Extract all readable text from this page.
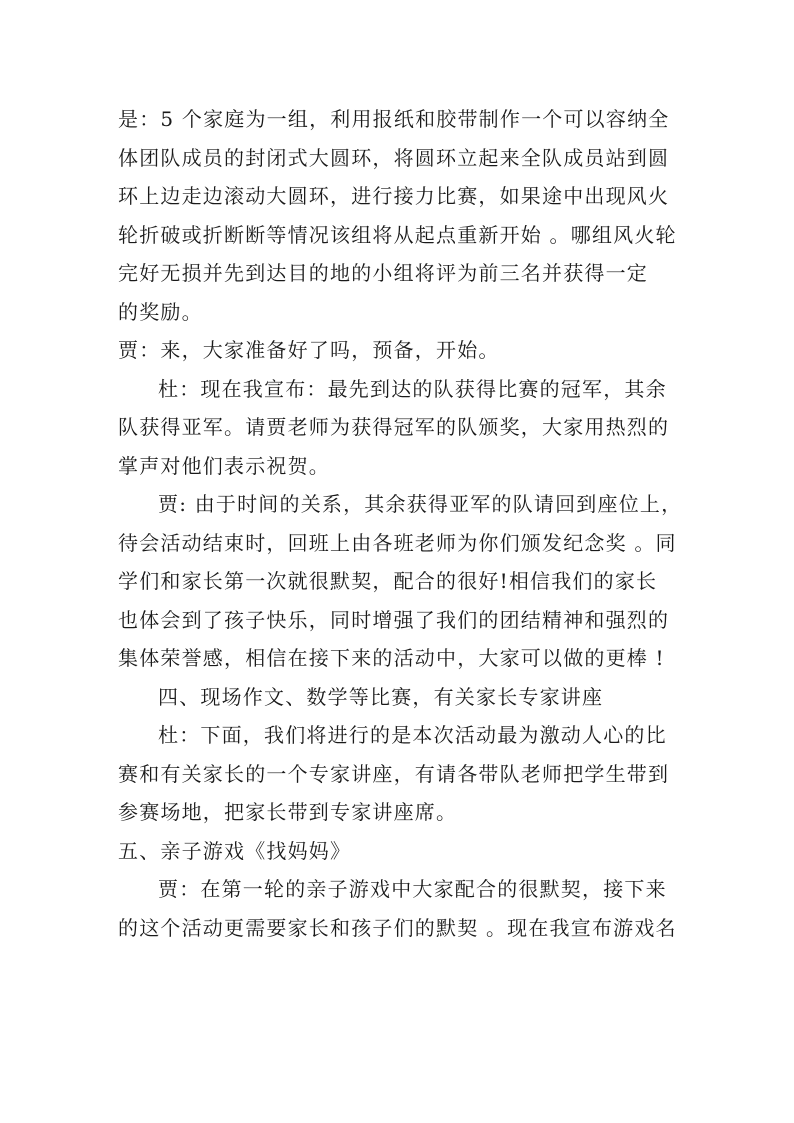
是：5 个家庭为一组，利用报纸和胶带制作一个可以容纳全
体团队成员的封闭式大圆环，将圆环立起来全队成员站到圆
环上边走边滚动大圆环，进行接力比赛，如果途中出现风火
轮折破或折断断等情况该组将从起点重新开始 。哪组风火轮
完好无损并先到达目的地的小组将评为前三名并获得一定
的奖励。
贾：来，大家准备好了吗，预备，开始。
杜：现在我宣布：最先到达的队获得比赛的冠军，其余
队获得亚军。请贾老师为获得冠军的队颁奖，大家用热烈的
掌声对他们表示祝贺。
贾: 由于时间的关系，其余获得亚军的队请回到座位上，
待会活动结束时，回班上由各班老师为你们颁发纪念奖 。同
学们和家长第一次就很默契，配合的很好!相信我们的家长
也体会到了孩子快乐，同时增强了我们的团结精神和强烈的
集体荣誉感，相信在接下来的活动中，大家可以做的更棒 !
四、现场作文、数学等比赛，有关家长专家讲座
杜：下面，我们将进行的是本次活动最为激动人心的比
赛和有关家长的一个专家讲座，有请各带队老师把学生带到
参赛场地，把家长带到专家讲座席。
五、亲子游戏《找妈妈》
贾：在第一轮的亲子游戏中大家配合的很默契，接下来
的这个活动更需要家长和孩子们的默契 。现在我宣布游戏名
